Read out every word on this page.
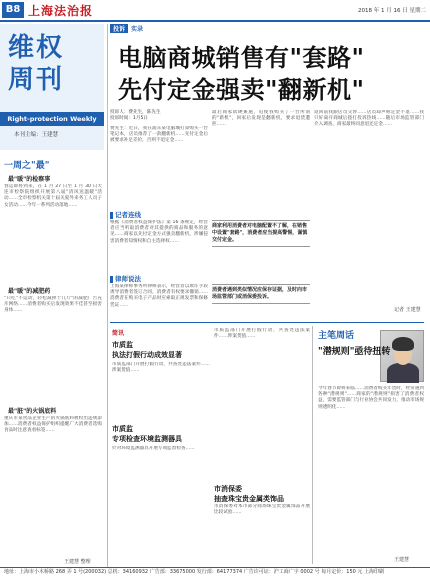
B8 上海法治报	2018 年 1 月 16 日 星期二
维权
周刊
Right-protection Weekly
本刊主编：王建慧
一周之"最"
最"暖"的检察事
春运即将到来，在 1 月 27 日至 1 月 30 日大连市检察院组织开展第八届"清风送温暖"活动……全市检察机关第十届关爱外来务工人员子女活动……今年一系列活动落地……
最"暖"的减肥药
"只吃"不运动，轻松减掉十几斤"的减肥广告充斥网络……消费者购买后发现效果不佳甚至损害身体……
最"脏"的火锅底料
重庆市某食品企业生产的火锅底料被检出违规添加……消费者权益保护组织提醒广大消费者选购食品时注意查看标签……
王建慧 整理
投诉 实录
电脑商城销售有"套路"
先付定金强卖"翻新机"
投诉人：费先生，陈先生
投诉时间：1月5日
费先生：近日，我在浦东某电脑城打算购买一台笔记本，店员推荐了一款翻新机……先付定金后被要求补足差价，否则不退定金……
最后商家软硬兼施，迫使我购买了一台所谓的"新机"，回家后发现是翻新机，要求退货遭拒……
返回前我跟店员交涉……店员却声称定金不退……我只好离开商城后拨打投诉热线……随后市场监管部门介入调查，商家最终同意退还定金……
记者连线
根据《消费者权益保护法》第 16 条规定，经营者应当听取消费者对其提供的商品和服务的意见……商家以先付定金方式强卖翻新机，涉嫌侵害消费者知情权和自主选择权……
商家利用消费者对电脑配置不了解，在销售中设置"套路"，消费者应当提高警惕，谨慎交付定金。
律师说法
上海某律师事务所律师表示，经营者以欺诈手段诱导消费者签订合同，消费者有权要求撤销……消费者在购买电子产品时应索取正规发票和保修凭证……
消费者遇到类似情况应保存证据，及时向市场监管部门或消保委投诉。
记者 王建慧
简讯
市质监
执法打假行动成效显著
市质监部门开展打假行动，共查处违法案件……涉案货值……
市质监
专项检查环境监测器具
针对环境监测器具开展专项监督检查……
市质监部门开展打假行动，共查处违法案件……涉案货值……
市消保委
抽查珠宝贵金属类饰品
市消保委对本市部分商场珠宝贵金属饰品开展比较试验……
主笔周话
"潜规则"亟待扭转
今年春节即将来临……消费者购买年货时，经常遇到各种"潜规则"……商家的"潜规则"损害了消费者权益，需要监管部门与行业协会共同发力，推动市场规则透明化……
王建慧
地址：上海市小木桥路 268 弄 1 号(200032) 总机：34160932 广告部：33675000 发行部：64177374 广告许可证：沪工商广字 0002 号 每月定价：150 元 上海印刷
